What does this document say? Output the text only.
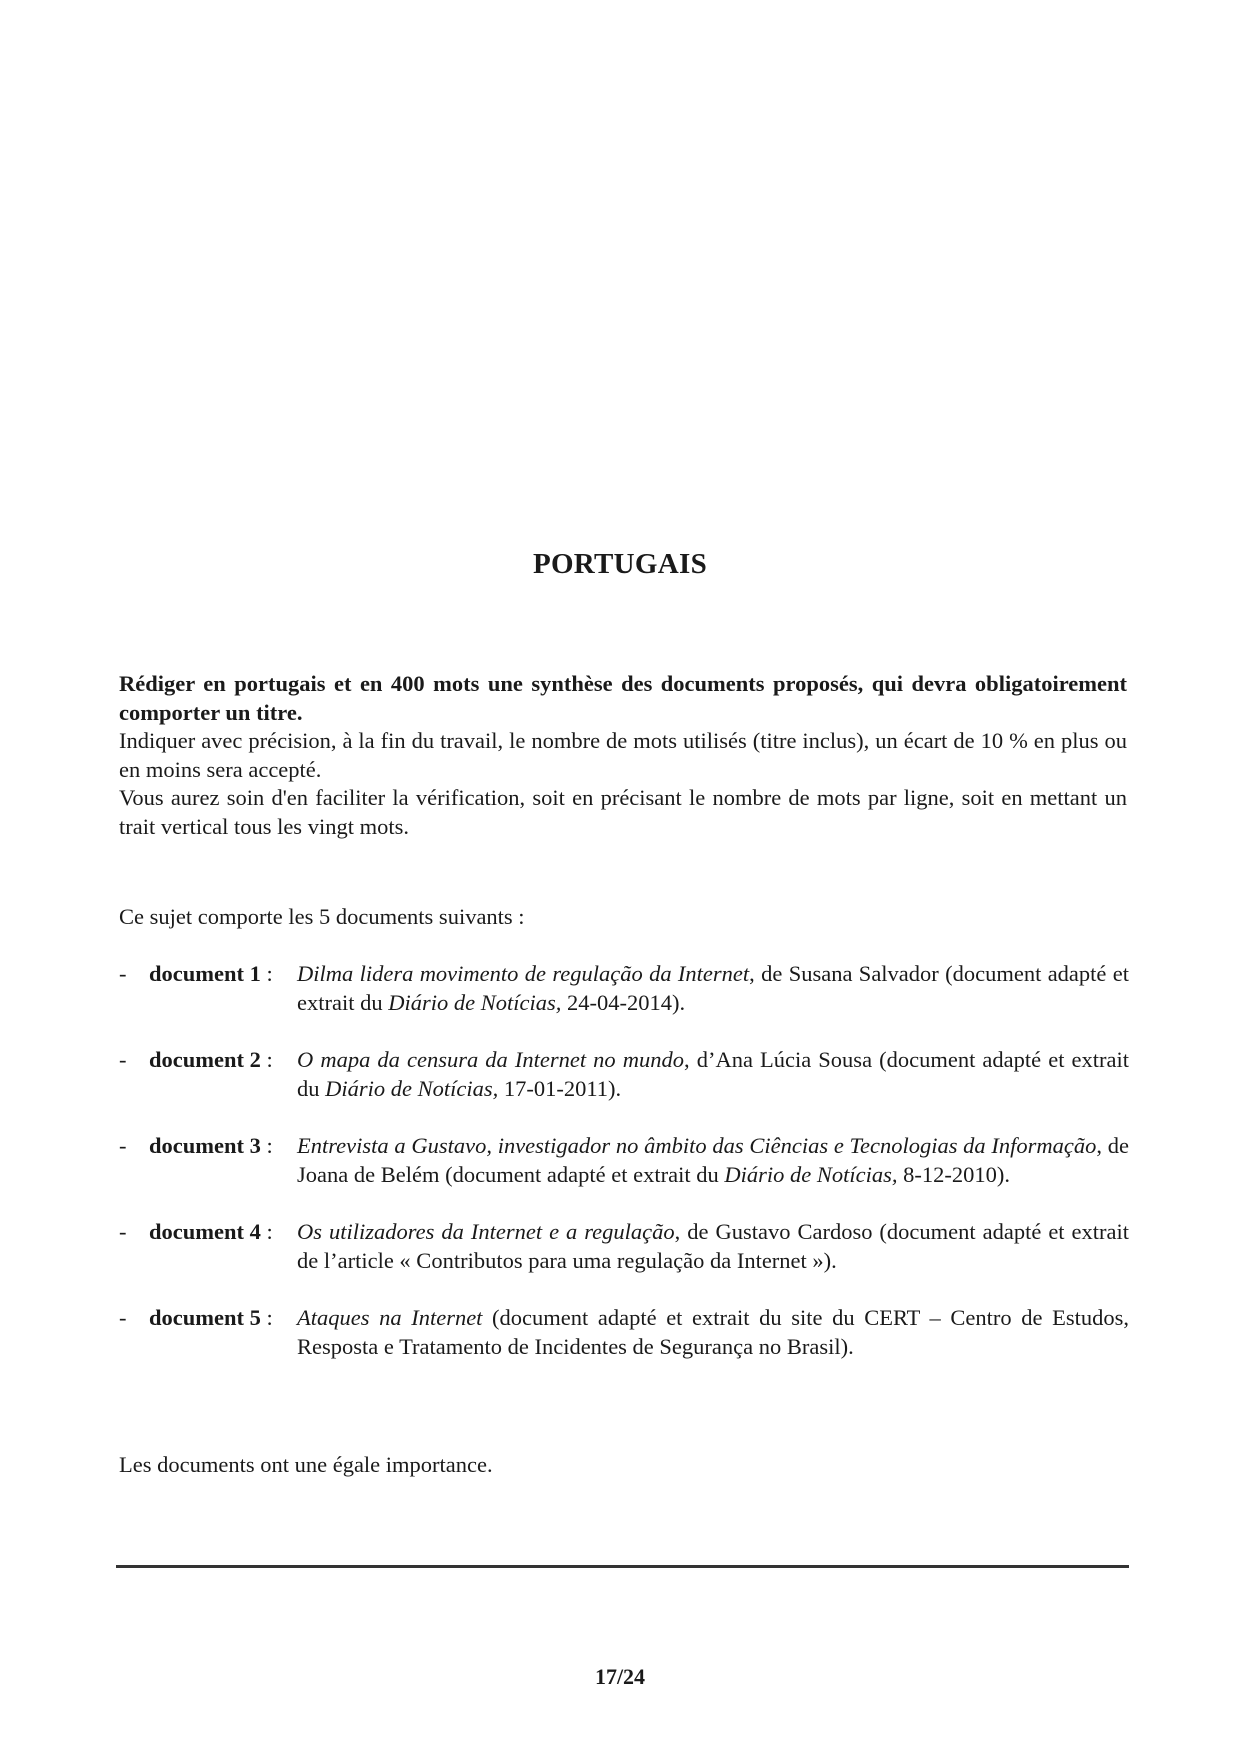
PORTUGAIS

Rédiger en portugais et en 400 mots une synthèse des documents proposés, qui devra obligatoirement comporter un titre.

Indiquer avec précision, à la fin du travail, le nombre de mots utilisés (titre inclus), un écart de 10 % en plus ou en moins sera accepté.

Vous aurez soin d'en faciliter la vérification, soit en précisant le nombre de mots par ligne, soit en mettant un trait vertical tous les vingt mots.

Ce sujet comporte les 5 documents suivants :
-	document 1 :	Dilma lidera movimento de regulação da Internet, de Susana Salvador (document adapté et extrait du Diário de Notícias, 24-04-2014).
-	document 2 :	O mapa da censura da Internet no mundo, d’Ana Lúcia Sousa (document adapté et extrait du Diário de Notícias, 17-01-2011).
-	document 3 :	Entrevista a Gustavo, investigador no âmbito das Ciências e Tecnologias da Informação, de Joana de Belém (document adapté et extrait du Diário de Notícias, 8-12-2010).
-	document 4 :	Os utilizadores da Internet e a regulação, de Gustavo Cardoso (document adapté et extrait de l’article « Contributos para uma regulação da Internet »).
-	document 5 :	Ataques na Internet (document adapté et extrait du site du CERT – Centro de Estudos, Resposta e Tratamento de Incidentes de Segurança no Brasil).
Les documents ont une égale importance.
17/24
